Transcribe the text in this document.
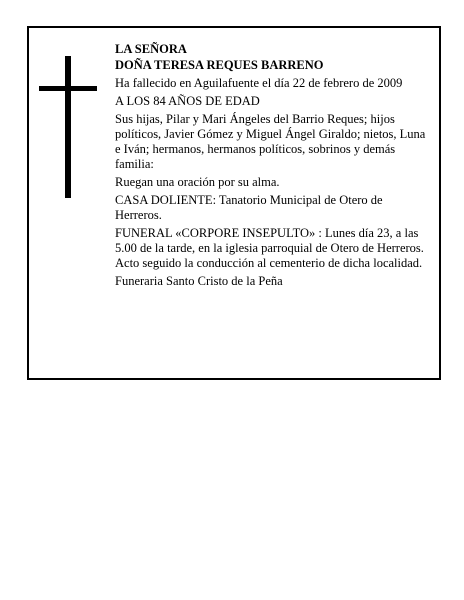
LA SEÑORA

DOÑA TERESA REQUES BARRENO

Ha fallecido en Aguilafuente el día 22 de febrero de 2009

A LOS 84 AÑOS DE EDAD

Sus hijas, Pilar y Mari Ángeles del Barrio Reques; hijos políticos, Javier Gómez y Miguel Ángel Giraldo; nietos, Luna e Iván; hermanos, hermanos políticos, sobrinos y demás familia:

Ruegan una oración por su alma.

CASA DOLIENTE: Tanatorio Municipal de Otero de Herreros.

FUNERAL «CORPORE INSEPULTO» : Lunes día 23, a las 5.00 de la tarde, en la iglesia parroquial de Otero de Herreros. Acto seguido la conducción al cementerio de dicha localidad.

Funeraria Santo Cristo de la Peña
